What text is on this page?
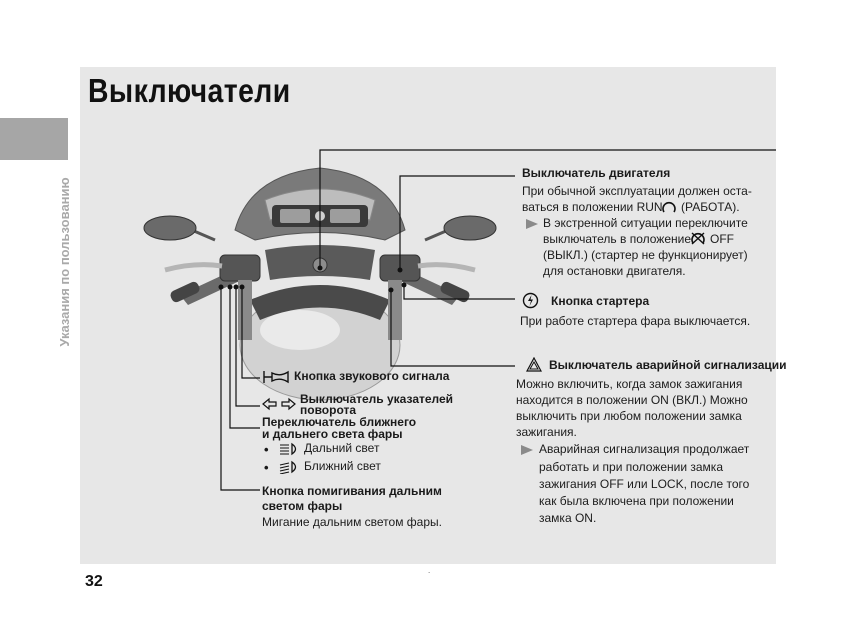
Указания по пользованию
Выключатели
Выключатель двигателя
При обычной эксплуатации должен оста-
ваться в положении RUN (РАБОТА).
В экстренной ситуации переключите
выключатель в положение OFF
(ВЫКЛ.) (стартер не функционирует)
для остановки двигателя.
Кнопка стартера
При работе стартера фара выключается.
Выключатель аварийной сигнализации
Можно включить, когда замок зажигания
находится в положении ON (ВКЛ.) Можно
выключить при любом положении замка
зажигания.
Аварийная сигнализация продолжает
работать и при положении замка
зажигания OFF или LOCK, после того
как была включена при положении
замка ON.
Кнопка звукового сигнала
Выключатель указателей
поворота
Переключатель ближнего
и дальнего света фары
•	Дальний свет
•	Ближний свет
Кнопка помигивания дальним
светом фары
Мигание дальним светом фары.
.
32
